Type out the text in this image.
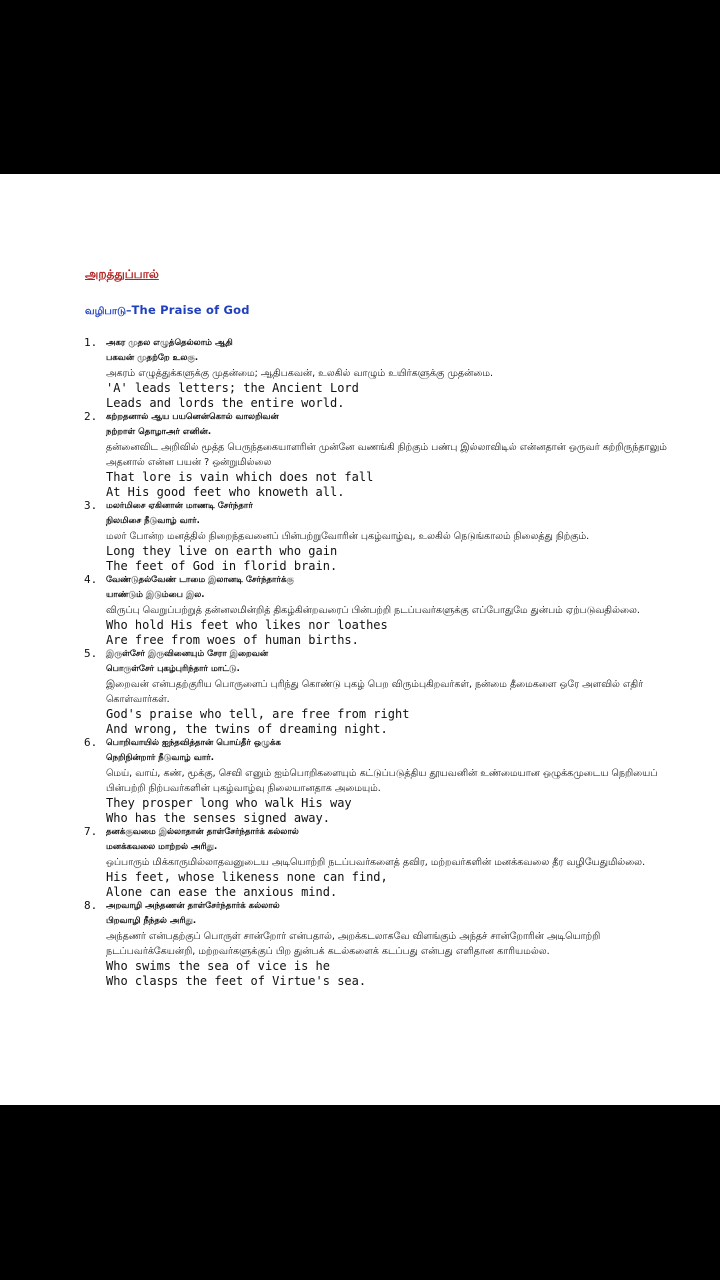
அறத்துப்பால்
வழிபாடு–The Praise of God
1. அகர முதல எழுத்தெல்லாம் ஆதி
பகவன் முதற்றே உலகு.
அகரம் எழுத்துக்களுக்கு முதன்மை; ஆதிபகவன், உலகில் வாழும் உயிர்களுக்கு முதன்மை.
'A' leads letters; the Ancient Lord
Leads and lords the entire world.
2. கற்றதனால் ஆய பயனென்கொல் வாலறிவன்
நற்றாள் தொழாஅர் எனின்.
தன்னைவிட அறிவில் மூத்த பெருந்தகையாளரின் முன்னே வணங்கி நிற்கும் பண்பு இல்லாவிடில் என்னதான் ஒருவர் கற்றிருந்தாலும் அதனால் என்ன பயன் ? ஒன்றுமில்லை
That lore is vain which does not fall
At His good feet who knoweth all.
3. மலர்மிசை ஏகினான் மாணடி சேர்ந்தார்
நிலமிசை நீடுவாழ் வார்.
மலர் போன்ற மனத்தில் நிறைந்தவனைப் பின்பற்றுவோரின் புகழ்வாழ்வு, உலகில் நெடுங்காலம் நிலைத்து நிற்கும்.
Long they live on earth who gain
The feet of God in florid brain.
4. வேண்டுதல்வேண் டாமை இலானடி சேர்ந்தார்க்கு
யாண்டும் இடும்பை இல.
விருப்பு வெறுப்பற்றுத் தன்னலமின்றித் திகழ்கின்றவரைப் பின்பற்றி நடப்பவர்களுக்கு எப்போதுமே துன்பம் ஏற்படுவதில்லை.
Who hold His feet who likes nor loathes
Are free from woes of human births.
5. இருள்சேர் இருவினையும் சேரா இறைவன்
பொருள்சேர் புகழ்புரிந்தார் மாட்டு.
இறைவன் என்பதற்குரிய பொருளைப் புரிந்து கொண்டு புகழ் பெற விரும்புகிறவர்கள், நன்மை தீமைகளை ஒரே அளவில் எதிர் கொள்வார்கள்.
God's praise who tell, are free from right
And wrong, the twins of dreaming night.
6. பொறிவாயில் ஐந்தவித்தான் பொய்தீர் ஒழுக்க
நெறிநின்றார் நீடுவாழ் வார்.
மெய், வாய், கண், மூக்கு, செவி எனும் ஐம்பொறிகளையும் கட்டுப்படுத்திய தூயவனின் உண்மையான ஒழுக்கமுடைய நெறியைப் பின்பற்றி நிற்பவர்களின் புகழ்வாழ்வு நிலையானதாக அமையும்.
They prosper long who walk His way
Who has the senses signed away.
7. தனக்குவமை இல்லாதான் தாள்சேர்ந்தார்க் கல்லால்
மனக்கவலை மாற்றல் அரிது.
ஒப்பாரும் மிக்காருமில்லாதவனுடைய அடியொற்றி நடப்பவர்களைத் தவிர, மற்றவர்களின் மனக்கவலை தீர வழியேதுமில்லை.
His feet, whose likeness none can find,
Alone can ease the anxious mind.
8. அறவாழி அந்தணன் தாள்சேர்ந்தார்க் கல்லால்
பிறவாழி நீந்தல் அரிது.
அந்தணர் என்பதற்குப் பொருள் சான்றோர் என்பதால், அறக்கடலாகவே விளங்கும் அந்தச் சான்றோரின் அடியொற்றி நடப்பவர்க்கேயன்றி, மற்றவர்களுக்குப் பிற துன்பக் கடல்களைக் கடப்பது என்பது எளிதான காரியமல்ல.
Who swims the sea of vice is he
Who clasps the feet of Virtue's sea.
